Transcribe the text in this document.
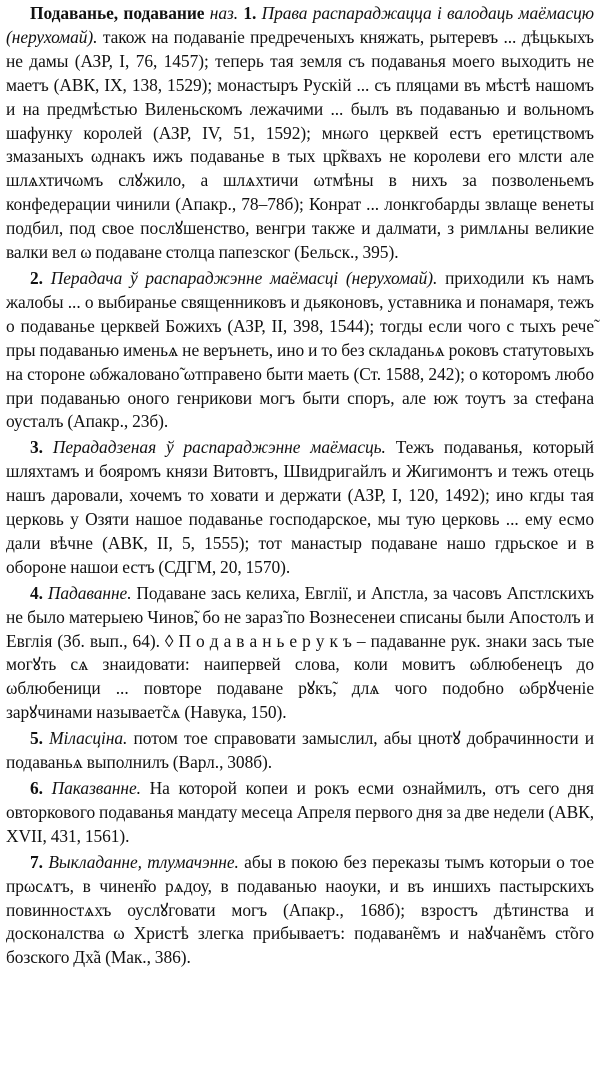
Подаванье, подавание наз. 1. Права распараджацца і валодаць маёмасцю (нерухомай). також на подаваніе предреченыхъ княжать, рытеревъ ... дѣцькыхъ не дамы (АЗР, I, 76, 1457); теперь тая земля съ подаванья моего выходить не маетъ (АВК, IX, 138, 1529); монастыръ Рускій ... съ пляцами въ мѣстѣ нашомъ и на предмѣстью Виленьскомъ лежачими ... былъ въ подаванью и вольномъ шафунку королей (АЗР, IV, 51, 1592); мнωго церквей естъ еретицствомъ змазаныхъ ωднакъ ижъ подаванье в тых цр̃квахъ не королеви его млсти але шлѧхтичωмъ слꙋжило, а шлѧхтичи ωтмѣны в нихъ за позволеньемъ конфедерации чинили (Апакр., 78–78б); Конрат ... лонкгобарды звлаще венеты подбил, под свое послꙋшенство, венгри также и далмати, з римлѧны великие валки вел ω подаване столца папезског (Бельск., 395).

2. Перадача ў распараджэнне маёмасці (нерухомай). приходили къ намъ жалобы ... о выбиранье священниковъ и дьяконовъ, уставника и понамаря, тежъ о подаваньe церквей Божихъ (АЗР, II, 398, 1544); тогды если чого с тыхъ рече̃ пры подаванью именьѧ не верънеть, ино и то без складаньѧ роковъ статутовыхъ на стороне ωбжаловано̃ ωтправено быти маеть (Ст. 1588, 242); о которомъ любо при подаванью оного генрикови могъ быти споръ, але юж тоутъ за стефана оусталъ (Апакр., 23б).

3. Перададзеная ў распараджэнне маёмасць. Тежъ подаванья, который шляхтамъ и бояромъ князи Витовтъ, Швидригайлъ и Жигимонтъ и тежъ отець нашъ даровали, хочемъ то ховати и держати (АЗР, I, 120, 1492); ино кгды тая церковь у Озяти нашое подаванье господарское, мы тую церковь ... ему есмо дали вѣчне (АВК, II, 5, 1555); тот манастыр подаване нашо гдрьское и в обороне нашои естъ (СДГМ, 20, 1570).

4. Падаванне. Подаване зась келиха, Евглії, и Апстла, за часовъ Апстлскихъ не было матерыею Чинов̃, бо не зараз̃ по Вознесенеи списаны были Апостолъ и Евглія (Зб. вып., 64). ◊ П о д а в а н ь е р у к ъ – падаванне рук. знаки зась тые могꙋть сѧ знаидовати: наипервей слова, коли мовитъ ωблюбенецъ до ωблюбеници ... повторе подаване рꙋкъ̃, длѧ чого подобно ωбрꙋченіе зарꙋчинами называет̃сѧ (Навука, 150).

5. Міласціна. потом тое справовати замыслил, абы цнотꙋ добрачинности и подаваньѧ выполнилъ (Варл., 308б).

6. Паказванне. На которой копеи и рокъ есми ознаймилъ, отъ сего дня овторкового подаванья мандату месеца Апреля первого дня за две недели (АВК, XVII, 431, 1561).

7. Выкладанне, тлумачэнне. абы в покою без переказы тымъ которыи о тое прωсѧтъ, в чинен̃ю рѧдоу, в подаванью наоуки, и въ иншихъ пастырскихъ повинностѧхъ оуслꙋговати могъ (Апакр., 168б); взростъ дѣтинства и досконалства ω Христѣ злегка прибываетъ: подаван̃емъ и наꙋчан̃емъ ст̃ого бозского Дх̃а (Мак., 386).
